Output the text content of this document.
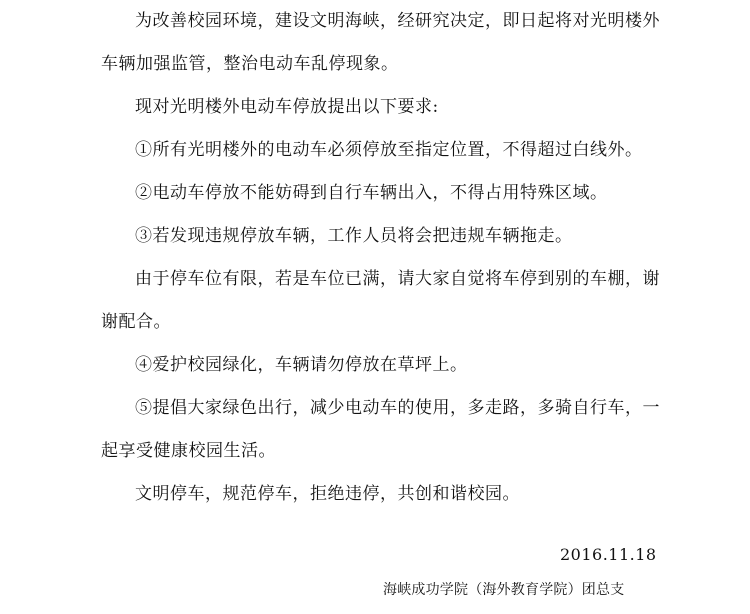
为改善校园环境，建设文明海峡，经研究决定，即日起将对光明楼外车辆加强监管，整治电动车乱停现象。

现对光明楼外电动车停放提出以下要求:

①所有光明楼外的电动车必须停放至指定位置，不得超过白线外。

②电动车停放不能妨碍到自行车辆出入，不得占用特殊区域。

③若发现违规停放车辆，工作人员将会把违规车辆拖走。

由于停车位有限，若是车位已满，请大家自觉将车停到别的车棚，谢谢配合。

④爱护校园绿化，车辆请勿停放在草坪上。

⑤提倡大家绿色出行，减少电动车的使用，多走路，多骑自行车，一起享受健康校园生活。

文明停车，规范停车，拒绝违停，共创和谐校园。

2016.11.18
海峡成功学院（海外教育学院）团总支
